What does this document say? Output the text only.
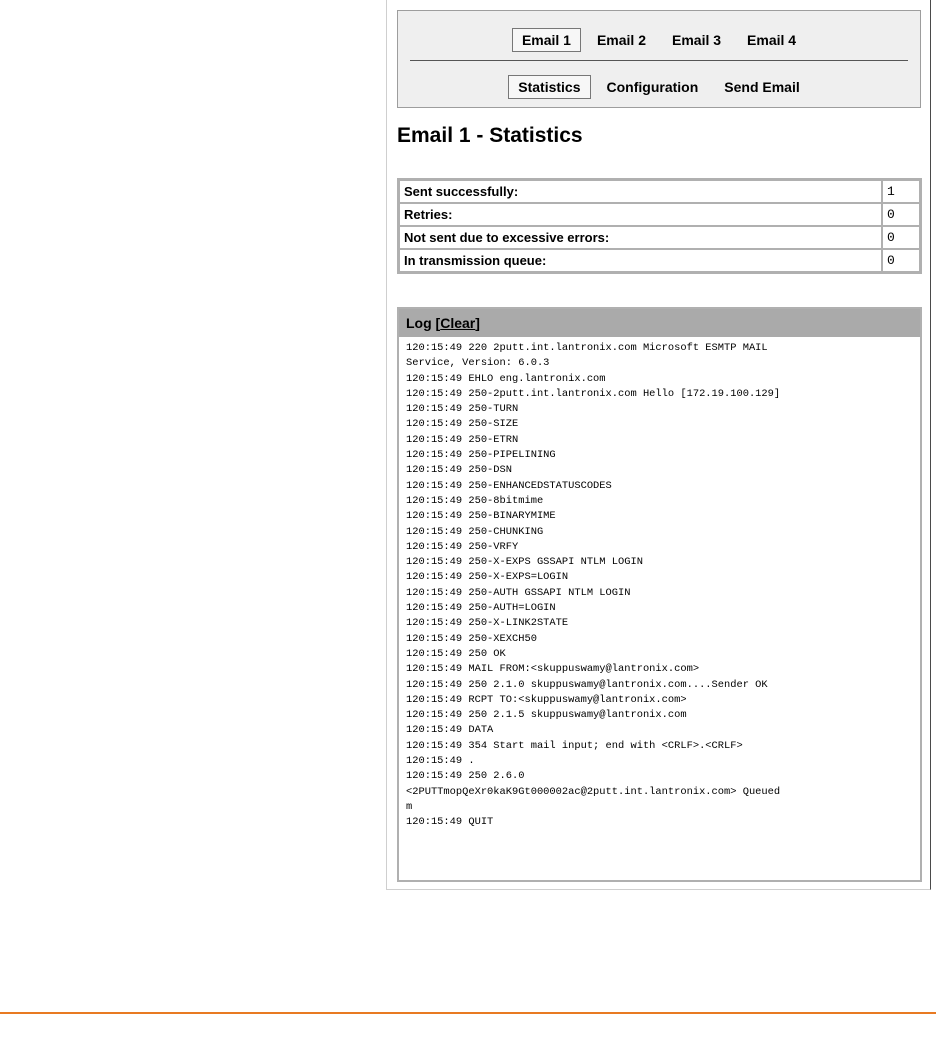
Email 1	Email 2	Email 3	Email 4
Statistics	Configuration	Send Email
Email 1 - Statistics
Sent successfully:	1
Retries:	0
Not sent due to excessive errors:	0
In transmission queue:	0
Log [Clear]
120:15:49 220 2putt.int.lantronix.com Microsoft ESMTP MAIL
Service, Version: 6.0.3
120:15:49 EHLO eng.lantronix.com
120:15:49 250-2putt.int.lantronix.com Hello [172.19.100.129]
120:15:49 250-TURN
120:15:49 250-SIZE
120:15:49 250-ETRN
120:15:49 250-PIPELINING
120:15:49 250-DSN
120:15:49 250-ENHANCEDSTATUSCODES
120:15:49 250-8bitmime
120:15:49 250-BINARYMIME
120:15:49 250-CHUNKING
120:15:49 250-VRFY
120:15:49 250-X-EXPS GSSAPI NTLM LOGIN
120:15:49 250-X-EXPS=LOGIN
120:15:49 250-AUTH GSSAPI NTLM LOGIN
120:15:49 250-AUTH=LOGIN
120:15:49 250-X-LINK2STATE
120:15:49 250-XEXCH50
120:15:49 250 OK
120:15:49 MAIL FROM:<skuppuswamy@lantronix.com>
120:15:49 250 2.1.0 skuppuswamy@lantronix.com....Sender OK
120:15:49 RCPT TO:<skuppuswamy@lantronix.com>
120:15:49 250 2.1.5 skuppuswamy@lantronix.com
120:15:49 DATA
120:15:49 354 Start mail input; end with <CRLF>.<CRLF>
120:15:49 .
120:15:49 250 2.6.0
<2PUTTmopQeXr0kaK9Gt000002ac@2putt.int.lantronix.com> Queued
m
120:15:49 QUIT
